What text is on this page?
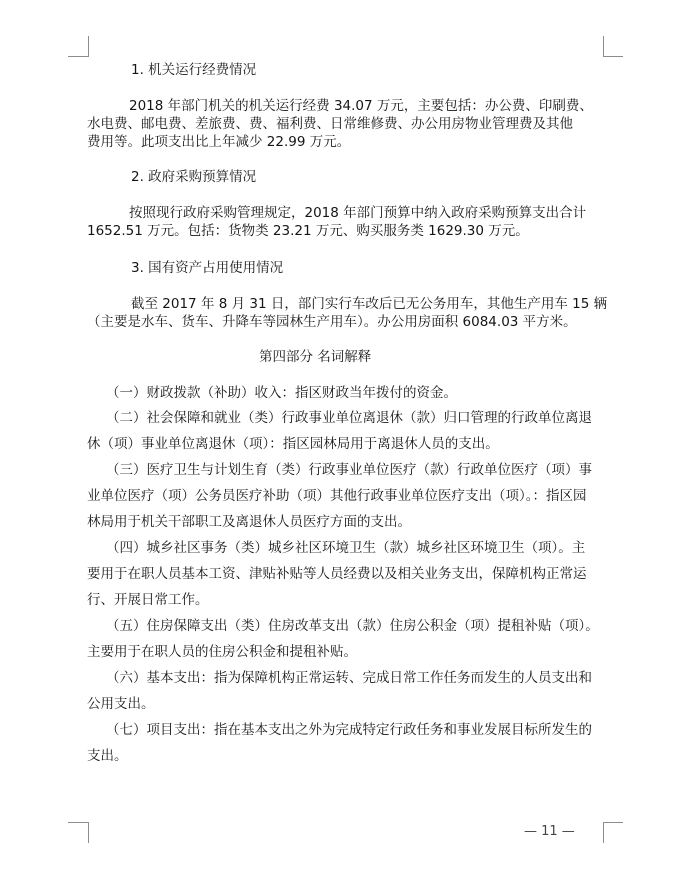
1. 机关运行经费情况
2018 年部门机关的机关运行经费 34.07 万元，主要包括：办公费、印刷费、
水电费、邮电费、差旅费、费、福利费、日常维修费、办公用房物业管理费及其他
费用等。此项支出比上年减少 22.99 万元。
2. 政府采购预算情况
按照现行政府采购管理规定，2018 年部门预算中纳入政府采购预算支出合计
1652.51 万元。包括：货物类 23.21 万元、购买服务类 1629.30 万元。
3. 国有资产占用使用情况
截至 2017 年 8 月 31 日，部门实行车改后已无公务用车，其他生产用车 15 辆
（主要是水车、货车、升降车等园林生产用车）。办公用房面积 6084.03 平方米。
第四部分 名词解释
（一）财政拨款（补助）收入：指区财政当年拨付的资金。
（二）社会保障和就业（类）行政事业单位离退休（款）归口管理的行政单位离退
休（项）事业单位离退休（项）：指区园林局用于离退休人员的支出。
（三）医疗卫生与计划生育（类）行政事业单位医疗（款）行政单位医疗（项）事
业单位医疗（项）公务员医疗补助（项）其他行政事业单位医疗支出（项）。：指区园
林局用于机关干部职工及离退休人员医疗方面的支出。
（四）城乡社区事务（类）城乡社区环境卫生（款）城乡社区环境卫生（项）。主
要用于在职人员基本工资、津贴补贴等人员经费以及相关业务支出，保障机构正常运
行、开展日常工作。
（五）住房保障支出（类）住房改革支出（款）住房公积金（项）提租补贴（项）。
主要用于在职人员的住房公积金和提租补贴。
（六）基本支出：指为保障机构正常运转、完成日常工作任务而发生的人员支出和
公用支出。
（七）项目支出：指在基本支出之外为完成特定行政任务和事业发展目标所发生的
支出。
— 11 —
